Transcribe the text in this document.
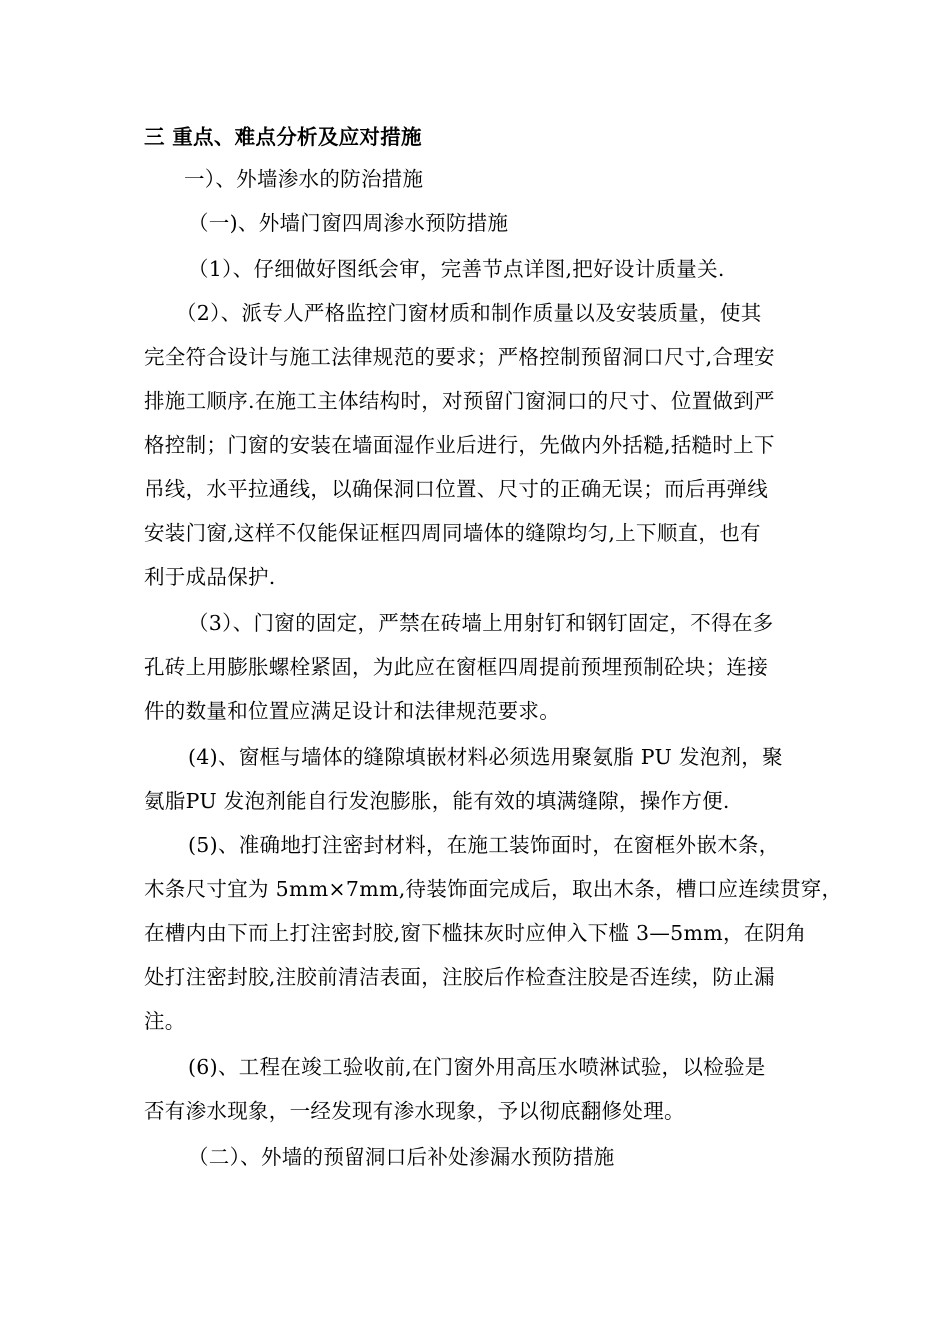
三 重点、难点分析及应对措施
一）、外墙渗水的防治措施
（一)、外墙门窗四周渗水预防措施
（1）、仔细做好图纸会审，完善节点详图,把好设计质量关.
（2）、派专人严格监控门窗材质和制作质量以及安装质量，使其
完全符合设计与施工法律规范的要求；严格控制预留洞口尺寸,合理安
排施工顺序.在施工主体结构时，对预留门窗洞口的尺寸、位置做到严
格控制；门窗的安装在墙面湿作业后进行，先做内外括糙,括糙时上下
吊线，水平拉通线，以确保洞口位置、尺寸的正确无误；而后再弹线
安装门窗,这样不仅能保证框四周同墙体的缝隙均匀,上下顺直，也有
利于成品保护.
（3）、门窗的固定，严禁在砖墙上用射钉和钢钉固定，不得在多
孔砖上用膨胀螺栓紧固，为此应在窗框四周提前预埋预制砼块；连接
件的数量和位置应满足设计和法律规范要求。
(4)、窗框与墙体的缝隙填嵌材料必须选用聚氨脂 PU 发泡剂，聚
氨脂PU 发泡剂能自行发泡膨胀，能有效的填满缝隙，操作方便.
(5)、准确地打注密封材料，在施工装饰面时，在窗框外嵌木条，
木条尺寸宜为 5mm×7mm,待装饰面完成后，取出木条，槽口应连续贯穿，
在槽内由下而上打注密封胶,窗下槛抹灰时应伸入下槛 3—5mm，在阴角
处打注密封胶,注胶前清洁表面，注胶后作检查注胶是否连续，防止漏
注。
(6)、工程在竣工验收前,在门窗外用高压水喷淋试验，以检验是
否有渗水现象，一经发现有渗水现象，予以彻底翻修处理。
（二）、外墙的预留洞口后补处渗漏水预防措施
